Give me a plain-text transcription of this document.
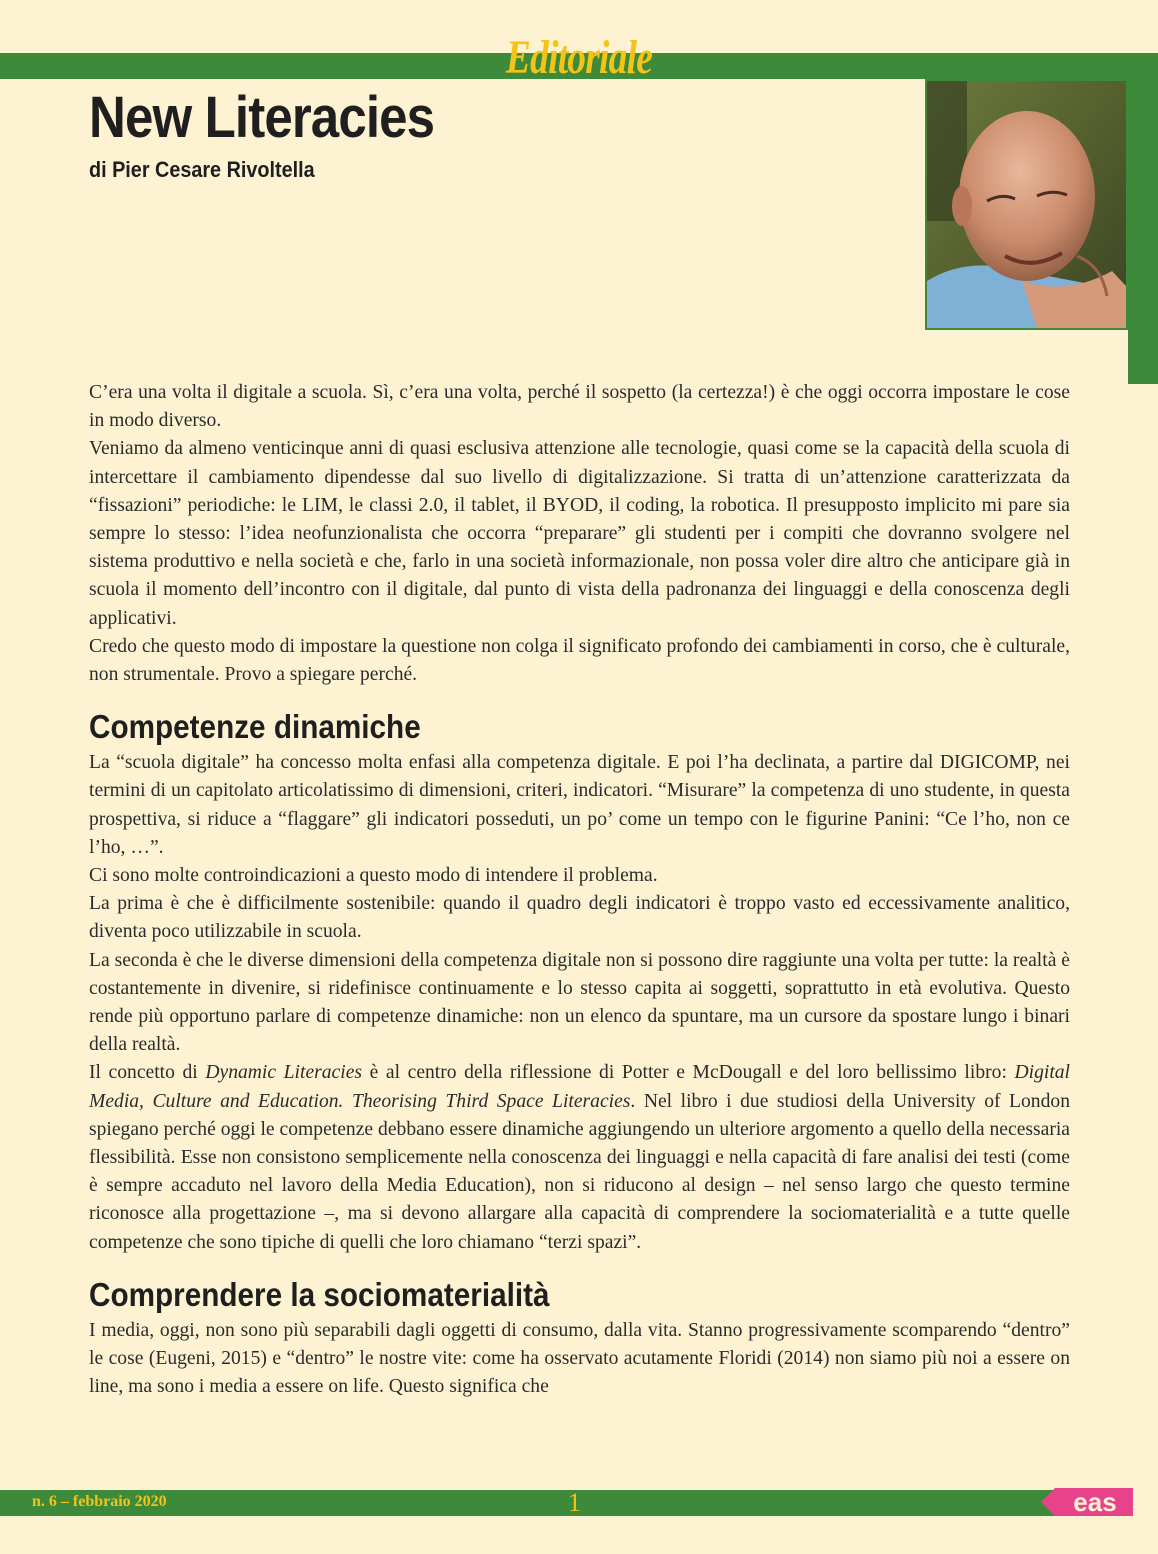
Editoriale
New Literacies
di Pier Cesare Rivoltella

C’era una volta il digitale a scuola. Sì, c’era una volta, perché il sospetto (la certezza!) è che oggi occorra impostare le cose in modo diverso.

Veniamo da almeno venticinque anni di quasi esclusiva attenzione alle tecnologie, quasi come se la capacità della scuola di intercettare il cambiamento dipendesse dal suo livello di digitalizzazione. Si tratta di un’attenzione caratterizzata da “fissazioni” periodiche: le LIM, le classi 2.0, il tablet, il BYOD, il coding, la robotica. Il presupposto implicito mi pare sia sempre lo stesso: l’idea neofunzionalista che occorra “preparare” gli studenti per i compiti che dovranno svolgere nel sistema produttivo e nella società e che, farlo in una società informazionale, non possa voler dire altro che anticipare già in scuola il momento dell’incontro con il digitale, dal punto di vista della padronanza dei linguaggi e della conoscenza degli applicativi.

Credo che questo modo di impostare la questione non colga il significato profondo dei cambiamenti in corso, che è culturale, non strumentale. Provo a spiegare perché.

Competenze dinamiche

La “scuola digitale” ha concesso molta enfasi alla competenza digitale. E poi l’ha declinata, a partire dal DIGICOMP, nei termini di un capitolato articolatissimo di dimensioni, criteri, indicatori. “Misurare” la competenza di uno studente, in questa prospettiva, si riduce a “flaggare” gli indicatori posseduti, un po’ come un tempo con le figurine Panini: “Ce l’ho, non ce l’ho, …”.

Ci sono molte controindicazioni a questo modo di intendere il problema.

La prima è che è difficilmente sostenibile: quando il quadro degli indicatori è troppo vasto ed eccessivamente analitico, diventa poco utilizzabile in scuola.

La seconda è che le diverse dimensioni della competenza digitale non si possono dire raggiunte una volta per tutte: la realtà è costantemente in divenire, si ridefinisce continuamente e lo stesso capita ai soggetti, soprattutto in età evolutiva. Questo rende più opportuno parlare di competenze dinamiche: non un elenco da spuntare, ma un cursore da spostare lungo i binari della realtà.

Il concetto di Dynamic Literacies è al centro della riflessione di Potter e McDougall e del loro bellissimo libro: Digital Media, Culture and Education. Theorising Third Space Literacies. Nel libro i due studiosi della University of London spiegano perché oggi le competenze debbano essere dinamiche aggiungendo un ulteriore argomento a quello della necessaria flessibilità. Esse non consistono semplicemente nella conoscenza dei linguaggi e nella capacità di fare analisi dei testi (come è sempre accaduto nel lavoro della Media Education), non si riducono al design – nel senso largo che questo termine riconosce alla progettazione –, ma si devono allargare alla capacità di comprendere la sociomaterialità e a tutte quelle competenze che sono tipiche di quelli che loro chiamano “terzi spazi”.

Comprendere la sociomaterialità

I media, oggi, non sono più separabili dagli oggetti di consumo, dalla vita. Stanno progressivamente scomparendo “dentro” le cose (Eugeni, 2015) e “dentro” le nostre vite: come ha osservato acutamente Floridi (2014) non siamo più noi a essere on line, ma sono i media a essere on life. Questo significa che

n. 6 – febbraio 2020	1	eas
